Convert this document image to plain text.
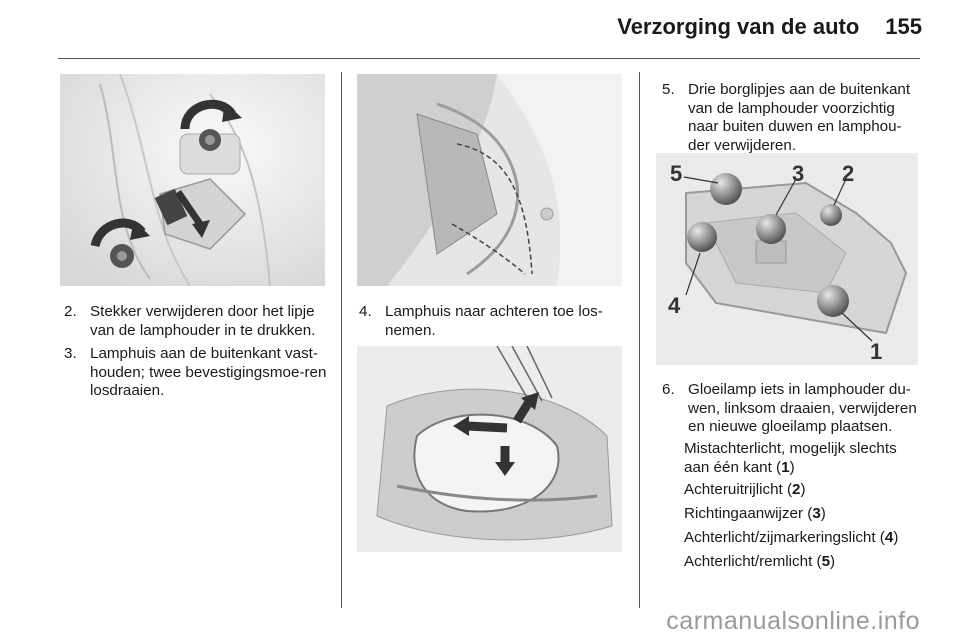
Verzorging van de auto 155
5	3 2
4
1
2. Stekker verwijderen door het lipje van de lamphouder in te drukken.
3. Lamphuis aan de buitenkant vast-houden; twee bevestigingsmoe-ren losdraaien.
4. Lamphuis naar achteren toe los-nemen.
5. Drie borglipjes aan de buitenkant van de lamphouder voorzichtig naar buiten duwen en lamphou-der verwijderen.
6. Gloeilamp iets in lamphouder du-wen, linksom draaien, verwijderen en nieuwe gloeilamp plaatsen.
Mistachterlicht, mogelijk slechts aan één kant (1)
Achteruitrijlicht (2)
Richtingaanwijzer (3)
Achterlicht/zijmarkeringslicht (4)
Achterlicht/remlicht (5)
carmanualsonline.info
